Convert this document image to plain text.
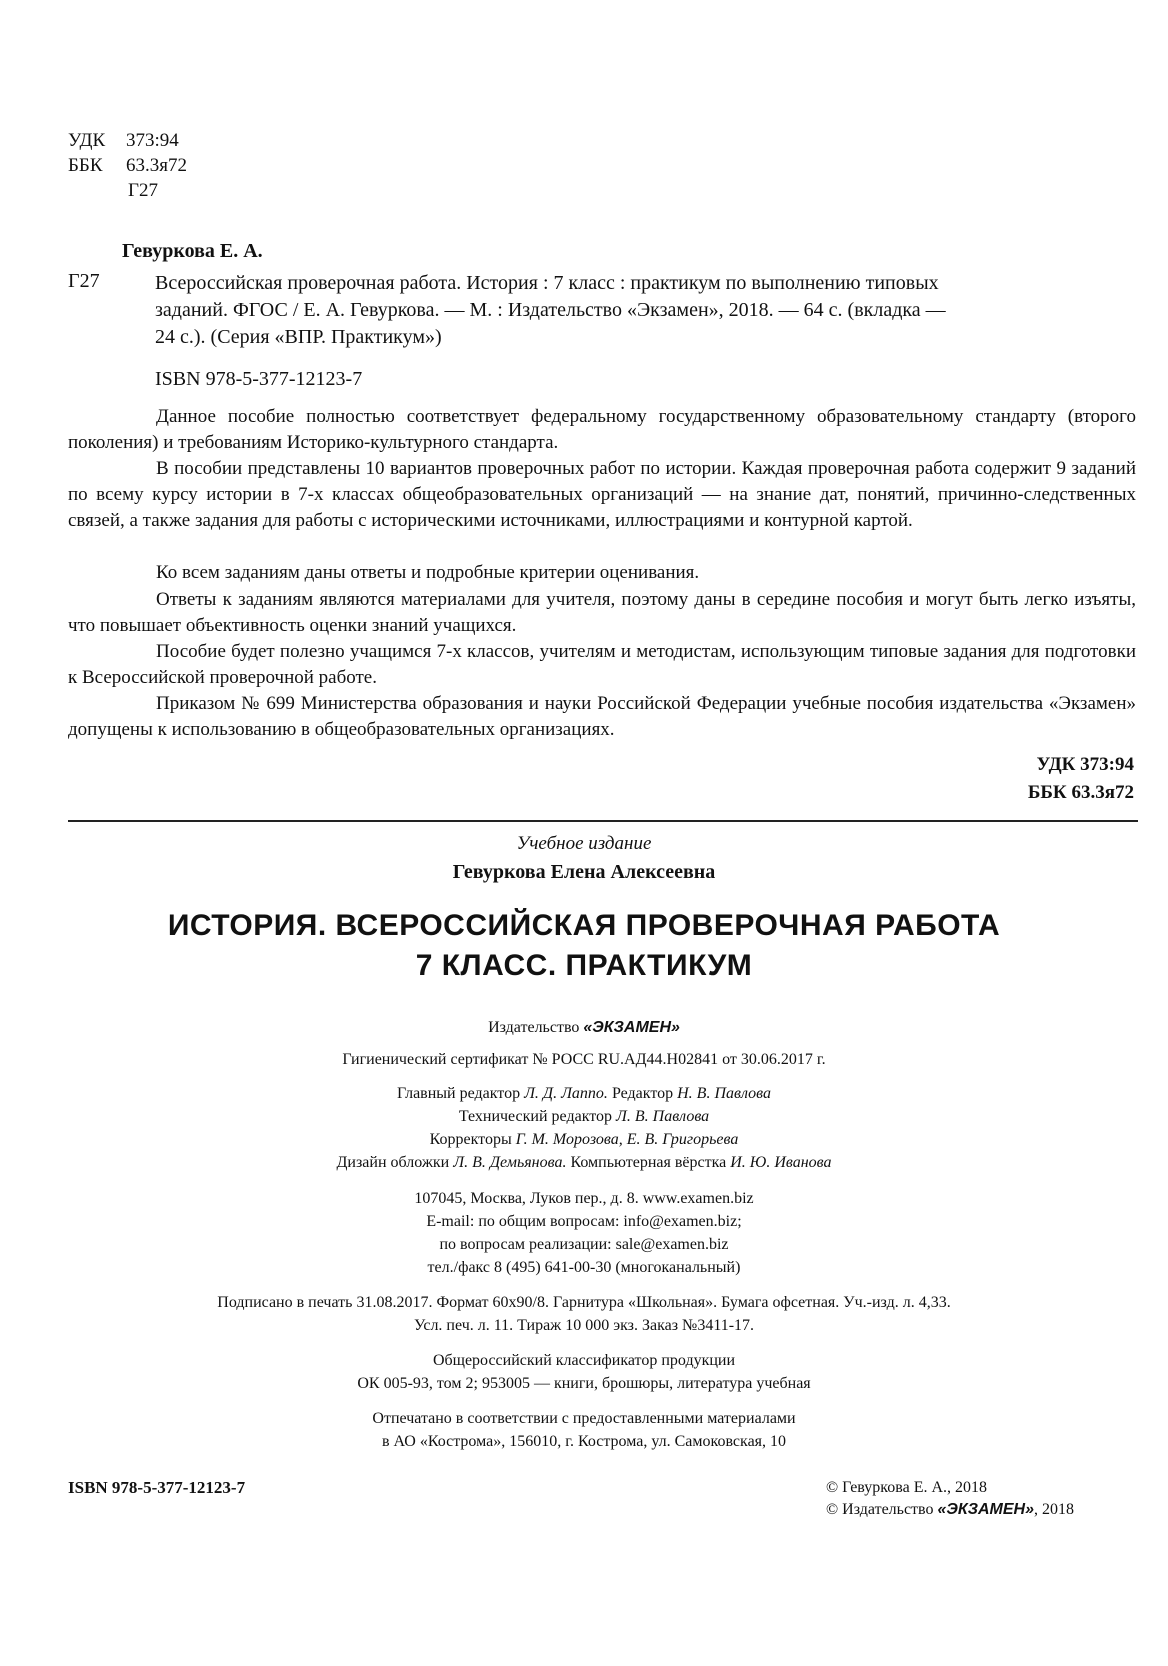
УДК 373:94
ББК 63.3я72
Г27
Гевуркова Е. А.
Г27	Всероссийская проверочная работа. История : 7 класс : практикум по выполнению типовых
заданий. ФГОС / Е. А. Гевуркова. — М. : Издательство «Экзамен», 2018. — 64 с. (вкладка —
24 с.). (Серия «ВПР. Практикум»)
ISBN 978-5-377-12123-7

Данное пособие полностью соответствует федеральному государственному образовательному стандарту (второго поколения) и требованиям Историко-культурного стандарта.

В пособии представлены 10 вариантов проверочных работ по истории. Каждая проверочная работа содержит 9 заданий по всему курсу истории в 7-х классах общеобразовательных организаций — на знание дат, понятий, причинно-следственных связей, а также задания для работы с историческими источниками, иллюстрациями и контурной картой.

Ко всем заданиям даны ответы и подробные критерии оценивания.

Ответы к заданиям являются материалами для учителя, поэтому даны в середине пособия и могут быть легко изъяты, что повышает объективность оценки знаний учащихся.

Пособие будет полезно учащимся 7-х классов, учителям и методистам, использующим типовые задания для подготовки к Всероссийской проверочной работе.

Приказом № 699 Министерства образования и науки Российской Федерации учебные пособия издательства «Экзамен» допущены к использованию в общеобразовательных организациях.

УДК 373:94
ББК 63.3я72
Учебное издание
Гевуркова Елена Алексеевна
ИСТОРИЯ. ВСЕРОССИЙСКАЯ ПРОВЕРОЧНАЯ РАБОТА
7 КЛАСС. ПРАКТИКУМ
Издательство «ЭКЗАМЕН»
Гигиенический сертификат № РОСС RU.АД44.Н02841 от 30.06.2017 г.
Главный редактор Л. Д. Лаппо. Редактор Н. В. Павлова
Технический редактор Л. В. Павлова
Корректоры Г. М. Морозова, Е. В. Григорьева
Дизайн обложки Л. В. Демьянова. Компьютерная вёрстка И. Ю. Иванова
107045, Москва, Луков пер., д. 8. www.examen.biz
E-mail: по общим вопросам: info@examen.biz;
по вопросам реализации: sale@examen.biz
тел./факс 8 (495) 641-00-30 (многоканальный)
Подписано в печать 31.08.2017. Формат 60х90/8. Гарнитура «Школьная». Бумага офсетная. Уч.-изд. л. 4,33.
Усл. печ. л. 11. Тираж 10 000 экз. Заказ №3411-17.
Общероссийский классификатор продукции
ОК 005-93, том 2; 953005 — книги, брошюры, литература учебная
Отпечатано в соответствии с предоставленными материалами
в АО «Кострома», 156010, г. Кострома, ул. Самоковская, 10
ISBN 978-5-377-12123-7	© Гевуркова Е. А., 2018
© Издательство «ЭКЗАМЕН», 2018
